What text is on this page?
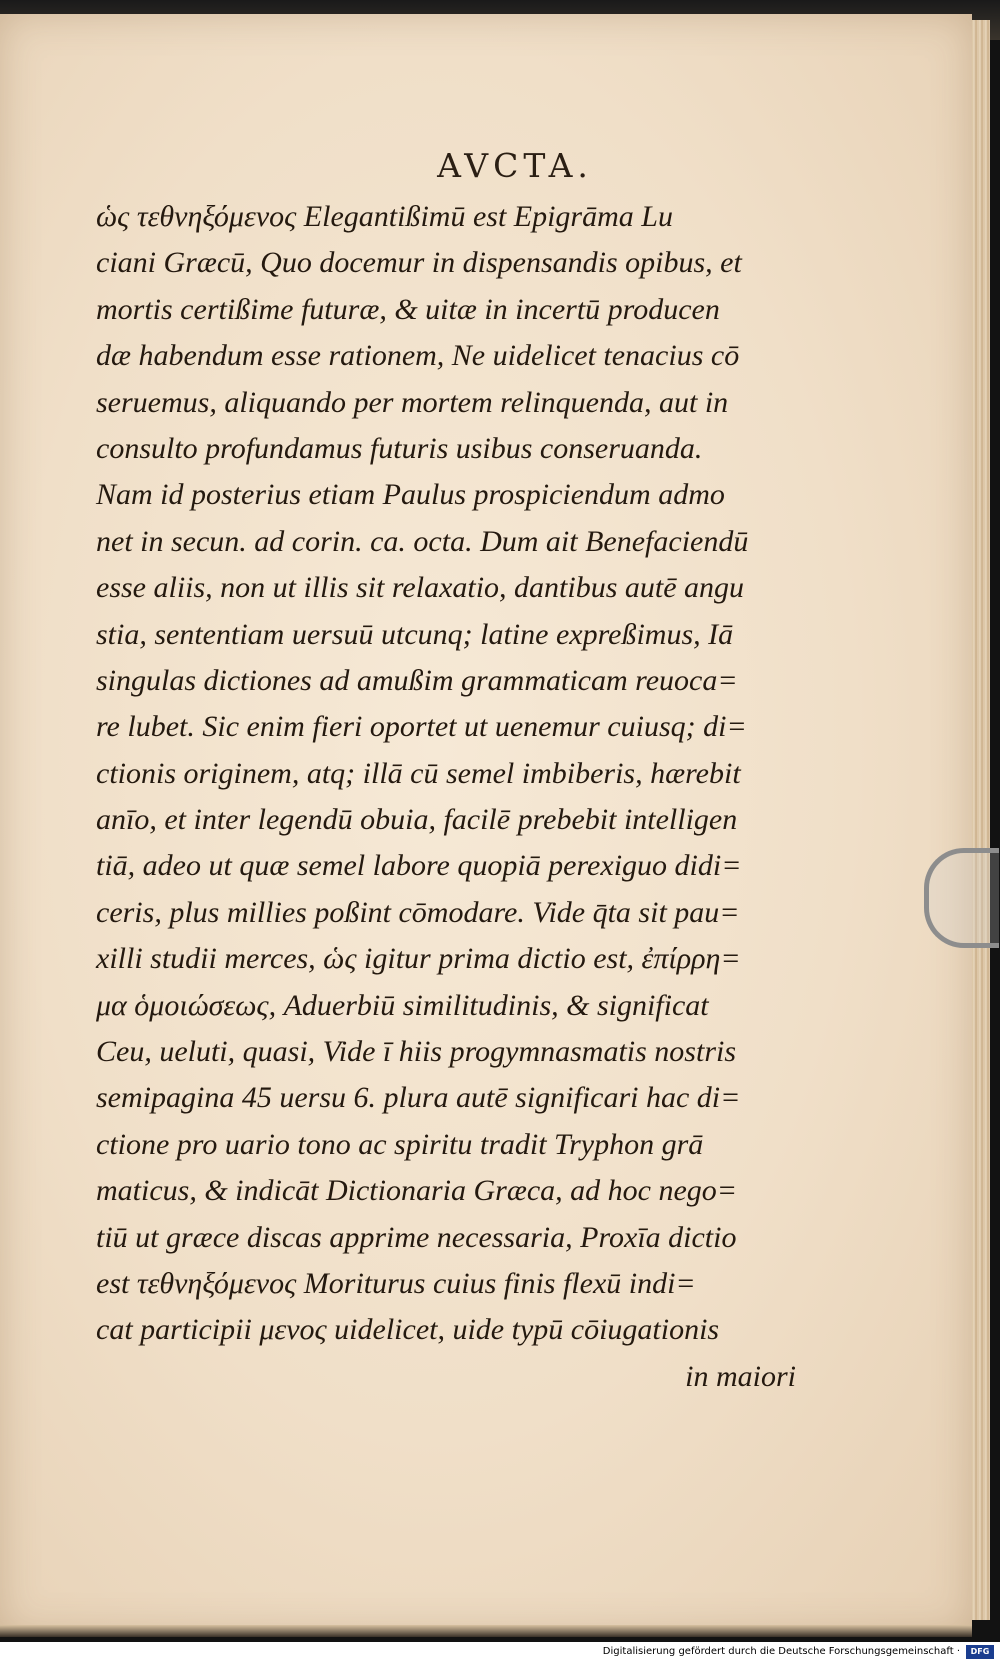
AVCTA.
ὡς τεθνηξόμενος Elegantißimū est Epigrāma Lu
ciani Græcū, Quo docemur in dispensandis opibus, et
mortis certißime futuræ, & uitæ in incertū producen
dæ habendum esse rationem, Ne uidelicet tenacius cō
seruemus, aliquando per mortem relinquenda, aut in
consulto profundamus futuris usibus conseruanda.
Nam id posterius etiam Paulus prospiciendum admo
net in secun. ad corin. ca. octa. Dum ait Benefaciendū
esse aliis, non ut illis sit relaxatio, dantibus autē angu
stia, sententiam uersuū utcunq; latine expreßimus, Iā
singulas dictiones ad amußim grammaticam reuoca=
re lubet. Sic enim fieri oportet ut uenemur cuiusq; di=
ctionis originem, atq; illā cū semel imbiberis, hærebit
anīo, et inter legendū obuia, facilē prebebit intelligen
tiā, adeo ut quæ semel labore quopiā perexiguo didi=
ceris, plus millies poßint cōmodare. Vide q̄ta sit pau=
xilli studii merces, ὡς igitur prima dictio est, ἐπίρρη=
μα ὁμοιώσεως, Aduerbiū similitudinis, & significat
Ceu, ueluti, quasi, Vide ī hiis progymnasmatis nostris
semipagina 45 uersu 6. plura autē significari hac di=
ctione pro uario tono ac spiritu tradit Tryphon grā
maticus, & indicāt Dictionaria Græca, ad hoc nego=
tiū ut græce discas apprime necessaria, Proxīa dictio
est τεθνηξόμενος Moriturus cuius finis flexū indi=
cat participii μενος uidelicet, uide typū cōiugationis
in maiori
Digitalisierung gefördert durch die Deutsche Forschungsgemeinschaft ·	DFG
